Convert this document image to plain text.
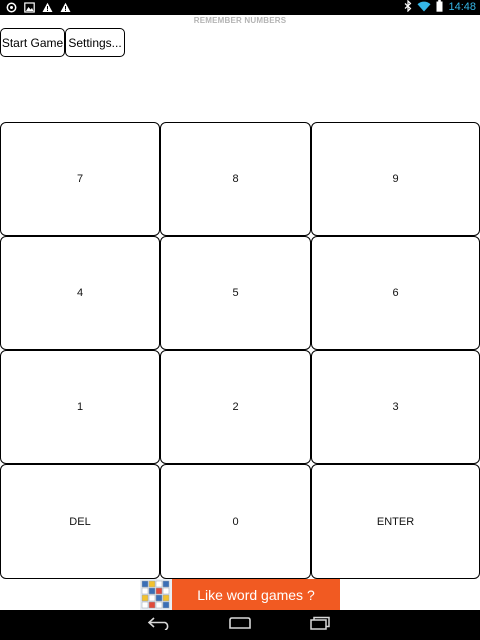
14:48
REMEMBER NUMBERS
Start Game Settings...
7	8	9
4	5	6
1	2	3
DEL	0	ENTER
Like word games ?
